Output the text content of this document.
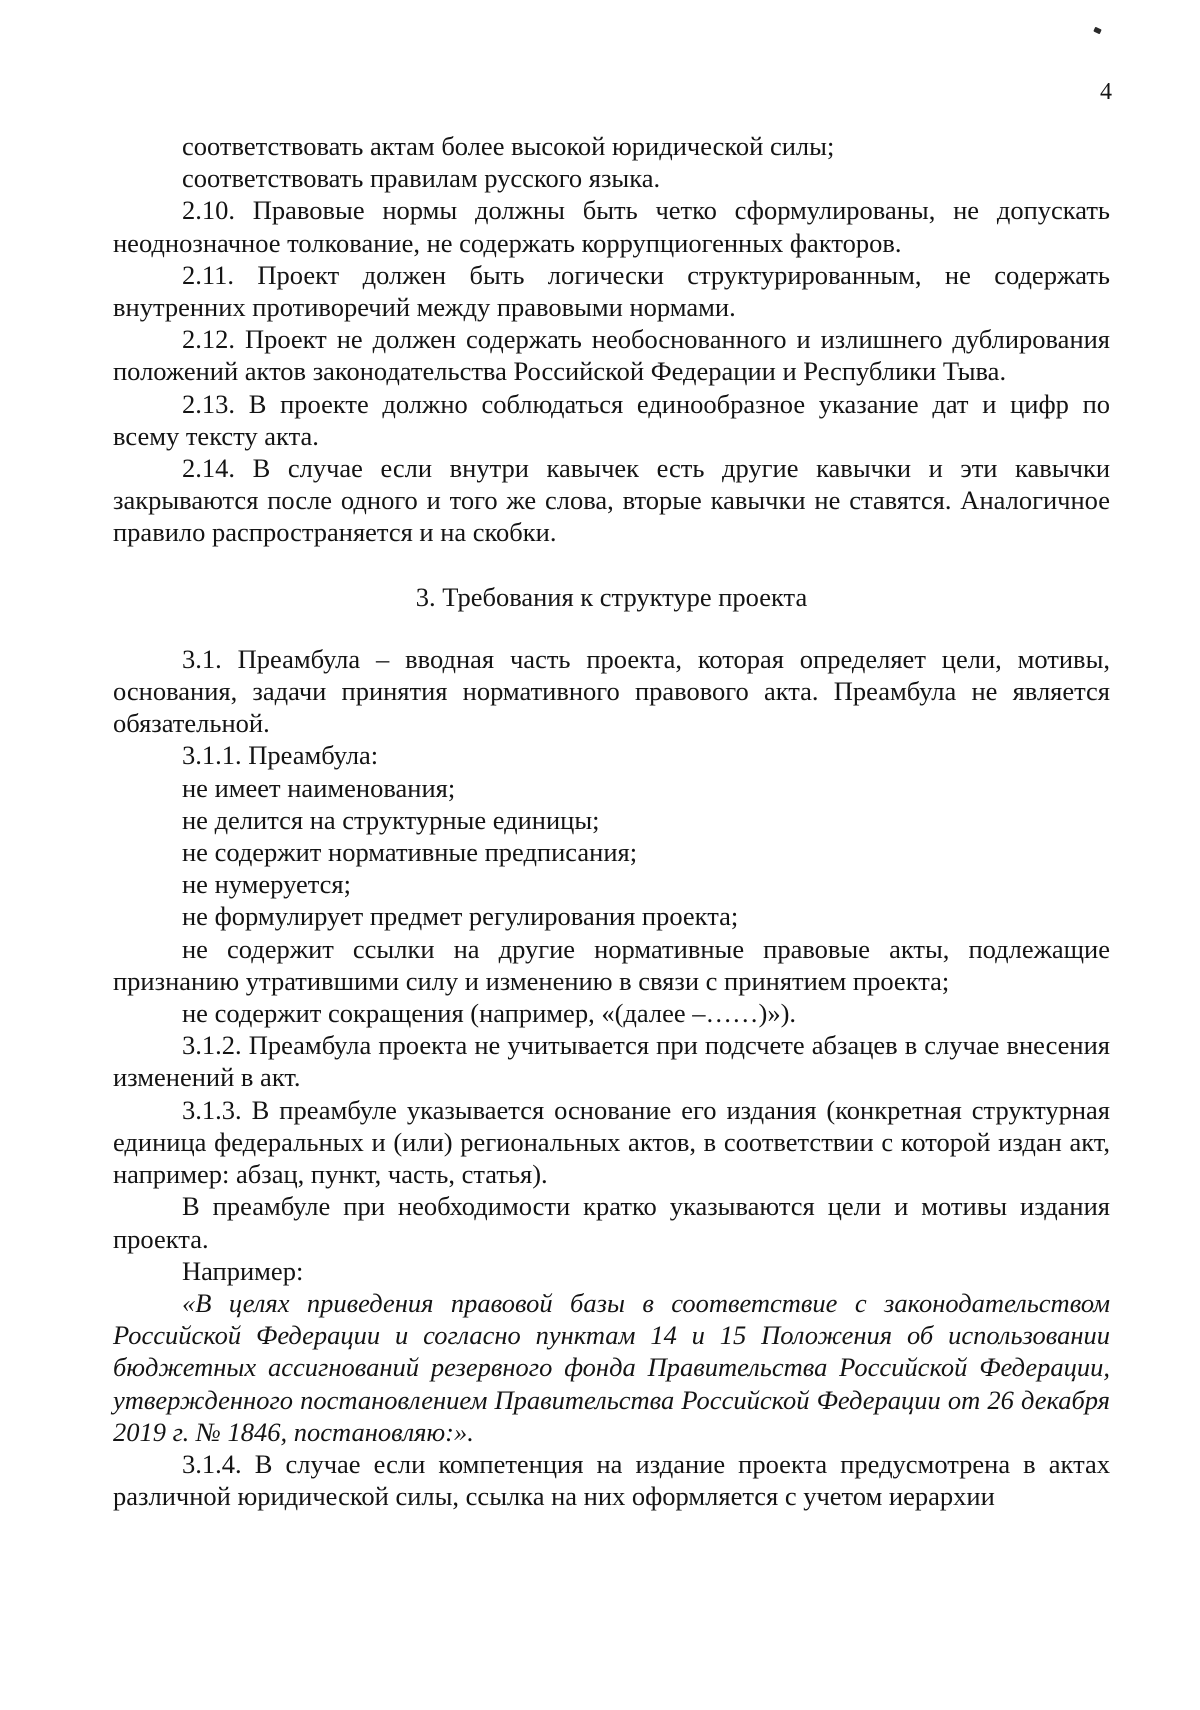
4

соответствовать актам более высокой юридической силы;

соответствовать правилам русского языка.

2.10. Правовые нормы должны быть четко сформулированы, не допускать неоднозначное толкование, не содержать коррупциогенных факторов.

2.11. Проект должен быть логически структурированным, не содержать внутренних противоречий между правовыми нормами.

2.12. Проект не должен содержать необоснованного и излишнего дублирования положений актов законодательства Российской Федерации и Республики Тыва.

2.13. В проекте должно соблюдаться единообразное указание дат и цифр по всему тексту акта.

2.14. В случае если внутри кавычек есть другие кавычки и эти кавычки закрываются после одного и того же слова, вторые кавычки не ставятся. Аналогичное правило распространяется и на скобки.

3. Требования к структуре проекта

3.1. Преамбула – вводная часть проекта, которая определяет цели, мотивы, основания, задачи принятия нормативного правового акта. Преамбула не является обязательной.

3.1.1. Преамбула:

не имеет наименования;

не делится на структурные единицы;

не содержит нормативные предписания;

не нумеруется;

не формулирует предмет регулирования проекта;

не содержит ссылки на другие нормативные правовые акты, подлежащие признанию утратившими силу и изменению в связи с принятием проекта;

не содержит сокращения (например, «(далее –……)»).

3.1.2. Преамбула проекта не учитывается при подсчете абзацев в случае внесения изменений в акт.

3.1.3. В преамбуле указывается основание его издания (конкретная структурная единица федеральных и (или) региональных актов, в соответствии с которой издан акт, например: абзац, пункт, часть, статья).

В преамбуле при необходимости кратко указываются цели и мотивы издания проекта.

Например:

«В целях приведения правовой базы в соответствие с законодательством Российской Федерации и согласно пунктам 14 и 15 Положения об использовании бюджетных ассигнований резервного фонда Правительства Российской Федерации, утвержденного постановлением Правительства Российской Федерации от 26 декабря 2019 г. № 1846, постановляю:».

3.1.4. В случае если компетенция на издание проекта предусмотрена в актах различной юридической силы, ссылка на них оформляется с учетом иерархии
